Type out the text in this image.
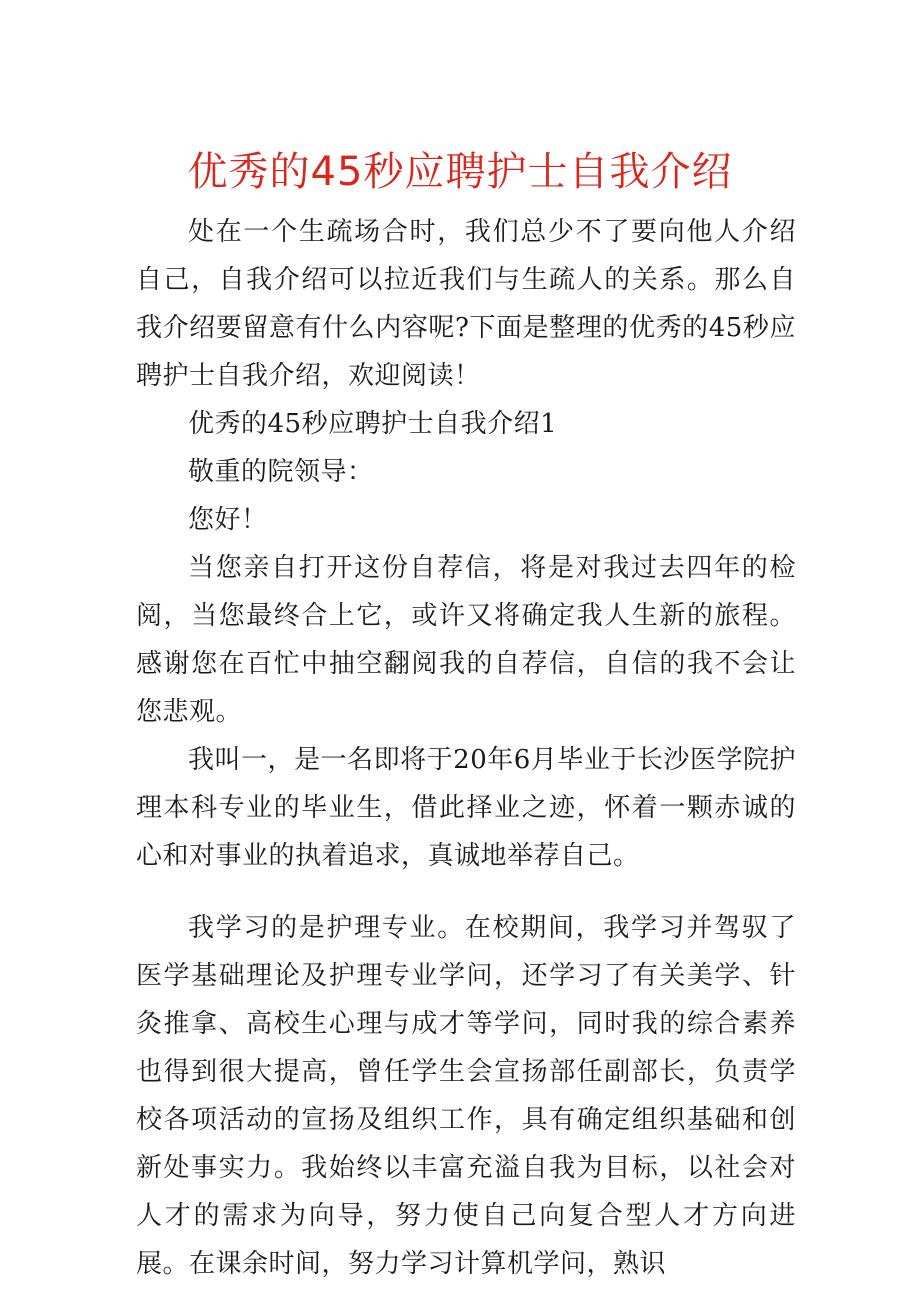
优秀的45秒应聘护士自我介绍

处在一个生疏场合时，我们总少不了要向他人介绍自己，自我介绍可以拉近我们与生疏人的关系。那么自我介绍要留意有什么内容呢?下面是整理的优秀的45秒应聘护士自我介绍，欢迎阅读！

优秀的45秒应聘护士自我介绍1

敬重的院领导：

您好！

当您亲自打开这份自荐信，将是对我过去四年的检阅，当您最终合上它，或许又将确定我人生新的旅程。感谢您在百忙中抽空翻阅我的自荐信，自信的我不会让您悲观。

我叫一，是一名即将于20年6月毕业于长沙医学院护理本科专业的毕业生，借此择业之迹，怀着一颗赤诚的心和对事业的执着追求，真诚地举荐自己。

我学习的是护理专业。在校期间，我学习并驾驭了医学基础理论及护理专业学问，还学习了有关美学、针灸推拿、高校生心理与成才等学问，同时我的综合素养也得到很大提高，曾任学生会宣扬部任副部长，负责学校各项活动的宣扬及组织工作，具有确定组织基础和创新处事实力。我始终以丰富充溢自我为目标，以社会对人才的需求为向导，努力使自己向复合型人才方向进展。在课余时间，努力学习计算机学问，熟识
